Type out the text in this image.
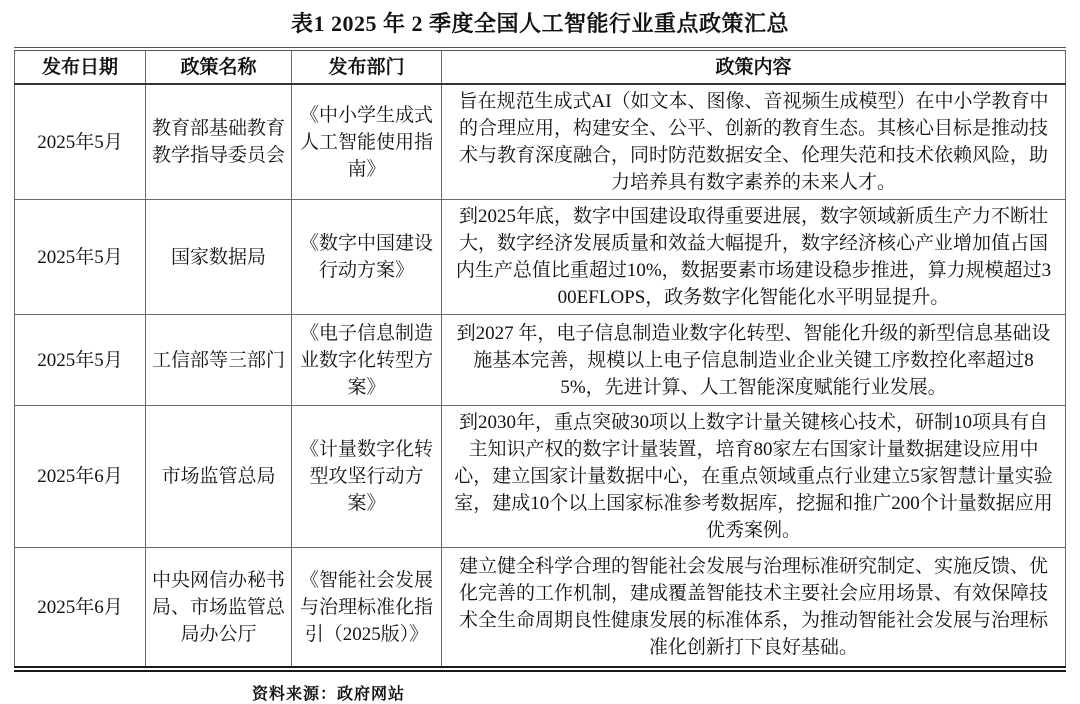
表1 2025 年 2 季度全国人工智能行业重点政策汇总
发布日期	政策名称	发布部门	政策内容
2025年5月	教育部基础教育教学指导委员会	《中小学生成式人工智能使用指南》	旨在规范生成式AI（如文本、图像、音视频生成模型）在中小学教育中的合理应用，构建安全、公平、创新的教育生态。其核心目标是推动技术与教育深度融合，同时防范数据安全、伦理失范和技术依赖风险，助力培养具有数字素养的未来人才。
2025年5月	国家数据局	《数字中国建设行动方案》	到2025年底，数字中国建设取得重要进展，数字领域新质生产力不断壮大，数字经济发展质量和效益大幅提升，数字经济核心产业增加值占国内生产总值比重超过10%，数据要素市场建设稳步推进，算力规模超过300EFLOPS，政务数字化智能化水平明显提升。
2025年5月	工信部等三部门	《电子信息制造业数字化转型方案》	到2027 年，电子信息制造业数字化转型、智能化升级的新型信息基础设施基本完善，规模以上电子信息制造业企业关键工序数控化率超过85%，先进计算、人工智能深度赋能行业发展。
2025年6月	市场监管总局	《计量数字化转型攻坚行动方案》	到2030年，重点突破30项以上数字计量关键核心技术，研制10项具有自主知识产权的数字计量装置，培育80家左右国家计量数据建设应用中心，建立国家计量数据中心，在重点领域重点行业建立5家智慧计量实验室，建成10个以上国家标准参考数据库，挖掘和推广200个计量数据应用优秀案例。
2025年6月	中央网信办秘书局、市场监管总局办公厅	《智能社会发展与治理标准化指引（2025版）》	建立健全科学合理的智能社会发展与治理标准研究制定、实施反馈、优化完善的工作机制，建成覆盖智能技术主要社会应用场景、有效保障技术全生命周期良性健康发展的标准体系，为推动智能社会发展与治理标准化创新打下良好基础。
资料来源：政府网站
